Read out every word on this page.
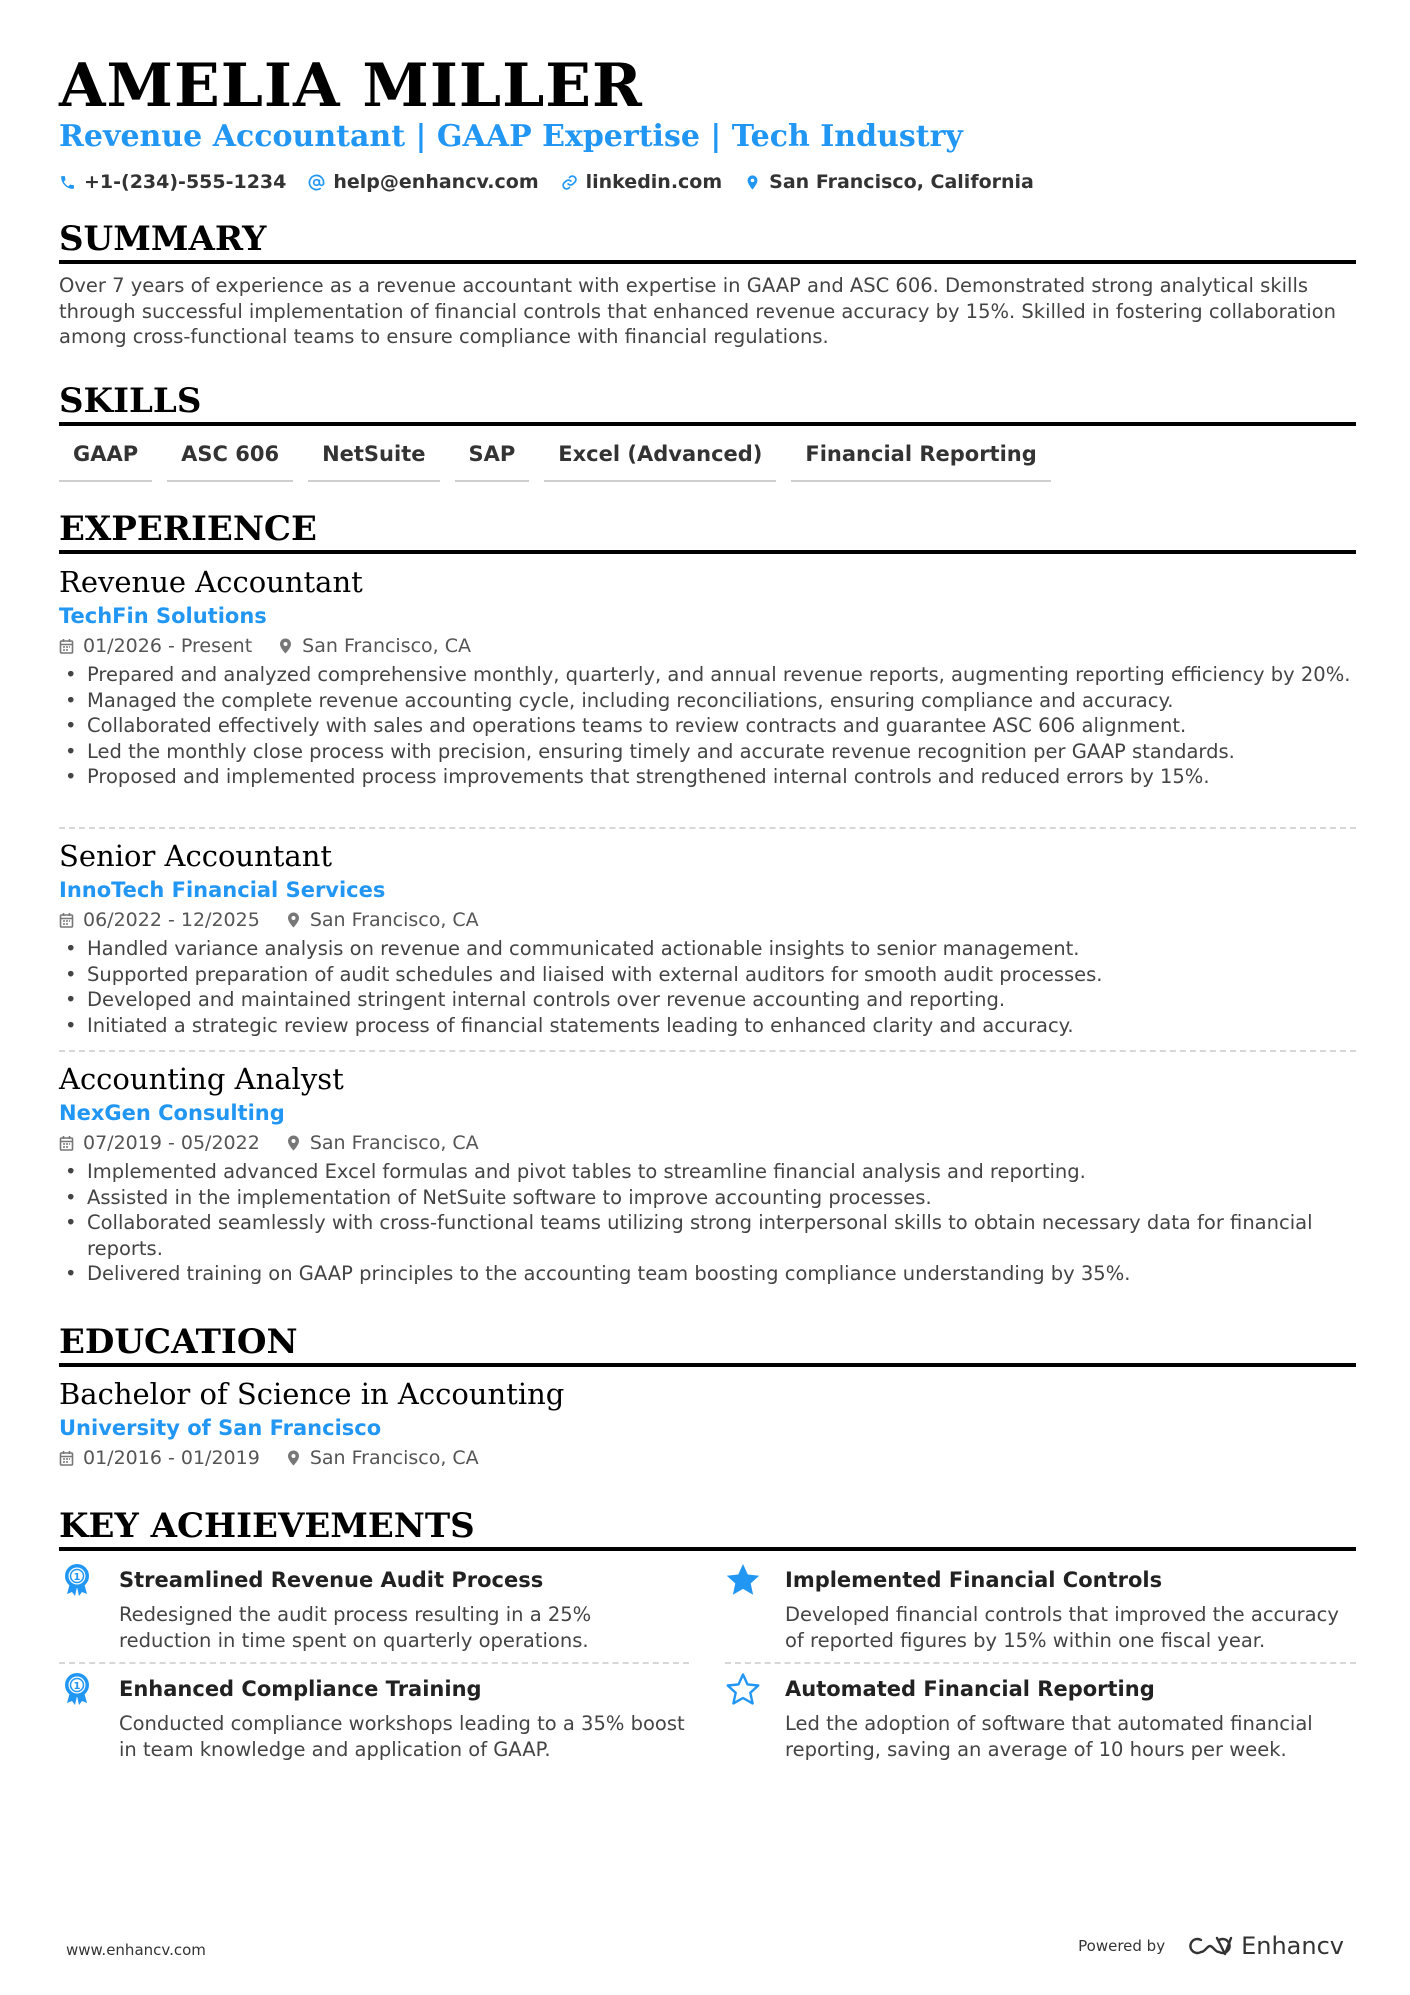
AMELIA MILLER
Revenue Accountant | GAAP Expertise | Tech Industry
+1-(234)-555-1234 help@enhancv.com linkedin.com San Francisco, California
SUMMARY
Over 7 years of experience as a revenue accountant with expertise in GAAP and ASC 606. Demonstrated strong analytical skills through successful implementation of financial controls that enhanced revenue accuracy by 15%. Skilled in fostering collaboration among cross-functional teams to ensure compliance with financial regulations.
SKILLS
GAAP	ASC 606	NetSuite	SAP	Excel (Advanced)	Financial Reporting
EXPERIENCE
Revenue Accountant
TechFin Solutions
01/2026 - Present	San Francisco, CA
• Prepared and analyzed comprehensive monthly, quarterly, and annual revenue reports, augmenting reporting efficiency by 20%.
• Managed the complete revenue accounting cycle, including reconciliations, ensuring compliance and accuracy.
• Collaborated effectively with sales and operations teams to review contracts and guarantee ASC 606 alignment.
• Led the monthly close process with precision, ensuring timely and accurate revenue recognition per GAAP standards.
• Proposed and implemented process improvements that strengthened internal controls and reduced errors by 15%.
Senior Accountant
InnoTech Financial Services
06/2022 - 12/2025	San Francisco, CA
• Handled variance analysis on revenue and communicated actionable insights to senior management.
• Supported preparation of audit schedules and liaised with external auditors for smooth audit processes.
• Developed and maintained stringent internal controls over revenue accounting and reporting.
• Initiated a strategic review process of financial statements leading to enhanced clarity and accuracy.
Accounting Analyst
NexGen Consulting
07/2019 - 05/2022	San Francisco, CA
• Implemented advanced Excel formulas and pivot tables to streamline financial analysis and reporting.
• Assisted in the implementation of NetSuite software to improve accounting processes.
• Collaborated seamlessly with cross-functional teams utilizing strong interpersonal skills to obtain necessary data for financial reports.
• Delivered training on GAAP principles to the accounting team boosting compliance understanding by 35%.
EDUCATION
Bachelor of Science in Accounting
University of San Francisco
01/2016 - 01/2019	San Francisco, CA
KEY ACHIEVEMENTS
1 Streamlined Revenue Audit Process
Redesigned the audit process resulting in a 25% reduction in time spent on quarterly operations.
Implemented Financial Controls
Developed financial controls that improved the accuracy of reported figures by 15% within one fiscal year.
1 Enhanced Compliance Training
Conducted compliance workshops leading to a 35% boost in team knowledge and application of GAAP.
Automated Financial Reporting
Led the adoption of software that automated financial reporting, saving an average of 10 hours per week.
www.enhancv.com	Powered by	Enhancv
